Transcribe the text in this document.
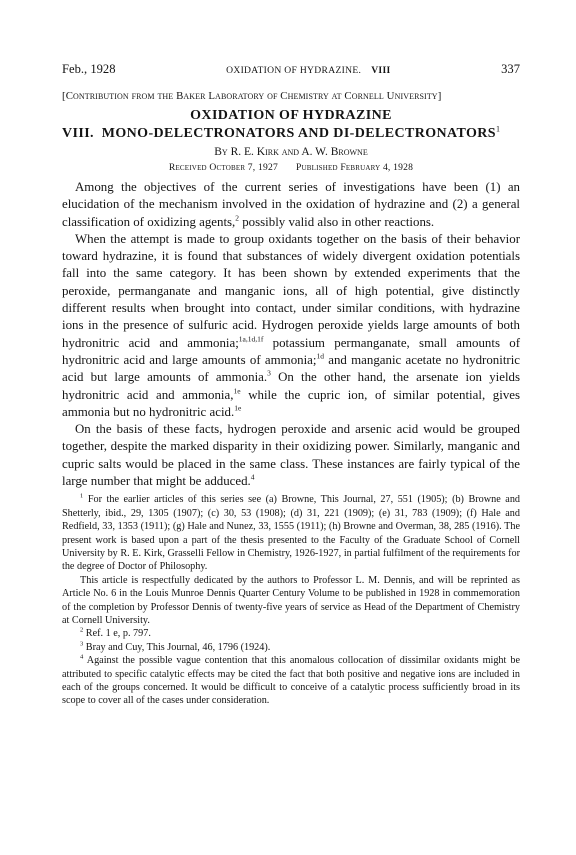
Feb., 1928	OXIDATION OF HYDRAZINE. VIII	337
[Contribution from the Baker Laboratory of Chemistry at Cornell University]
OXIDATION OF HYDRAZINE
VIII.  MONO-DELECTRONATORS AND DI-DELECTRONATORS$^1$
By R. E. Kirk and A. W. Browne
Received October 7, 1927 Published February 4, 1928

Among the objectives of the current series of investigations have been (1) an elucidation of the mechanism involved in the oxidation of hydrazine and (2) a general classification of oxidizing agents,$^2$ possibly valid also in other reactions.

When the attempt is made to group oxidants together on the basis of their behavior toward hydrazine, it is found that substances of widely divergent oxidation potentials fall into the same category. It has been shown by extended experiments that the peroxide, permanganate and manganic ions, all of high potential, give distinctly different results when brought into contact, under similar conditions, with hydrazine ions in the presence of sulfuric acid. Hydrogen peroxide yields large amounts of both hydronitric acid and ammonia;$^{1a,1d,1f}$ potassium permanganate, small amounts of hydronitric acid and large amounts of ammonia;$^{1d}$ and manganic acetate no hydronitric acid but large amounts of ammonia.$^3$ On the other hand, the arsenate ion yields hydronitric acid and ammonia,$^{1e}$ while the cupric ion, of similar potential, gives ammonia but no hydronitric acid.$^{1e}$

On the basis of these facts, hydrogen peroxide and arsenic acid would be grouped together, despite the marked disparity in their oxidizing power. Similarly, manganic and cupric salts would be placed in the same class. These instances are fairly typical of the large number that might be adduced.$^4$

$^1$ For the earlier articles of this series see (a) Browne, This Journal, 27, 551 (1905); (b) Browne and Shetterly, ibid., 29, 1305 (1907); (c) 30, 53 (1908); (d) 31, 221 (1909); (e) 31, 783 (1909); (f) Hale and Redfield, 33, 1353 (1911); (g) Hale and Nunez, 33, 1555 (1911); (h) Browne and Overman, 38, 285 (1916). The present work is based upon a part of the thesis presented to the Faculty of the Graduate School of Cornell University by R. E. Kirk, Grasselli Fellow in Chemistry, 1926-1927, in partial fulfilment of the requirements for the degree of Doctor of Philosophy.

This article is respectfully dedicated by the authors to Professor L. M. Dennis, and will be reprinted as Article No. 6 in the Louis Munroe Dennis Quarter Century Volume to be published in 1928 in commemoration of the completion by Professor Dennis of twenty-five years of service as Head of the Department of Chemistry at Cornell University.

$^2$ Ref. 1 e, p. 797.

$^3$ Bray and Cuy, This Journal, 46, 1796 (1924).

$^4$ Against the possible vague contention that this anomalous collocation of dissimilar oxidants might be attributed to specific catalytic effects may be cited the fact that both positive and negative ions are included in each of the groups concerned. It would be difficult to conceive of a catalytic process sufficiently broad in its scope to cover all of the cases under consideration.
